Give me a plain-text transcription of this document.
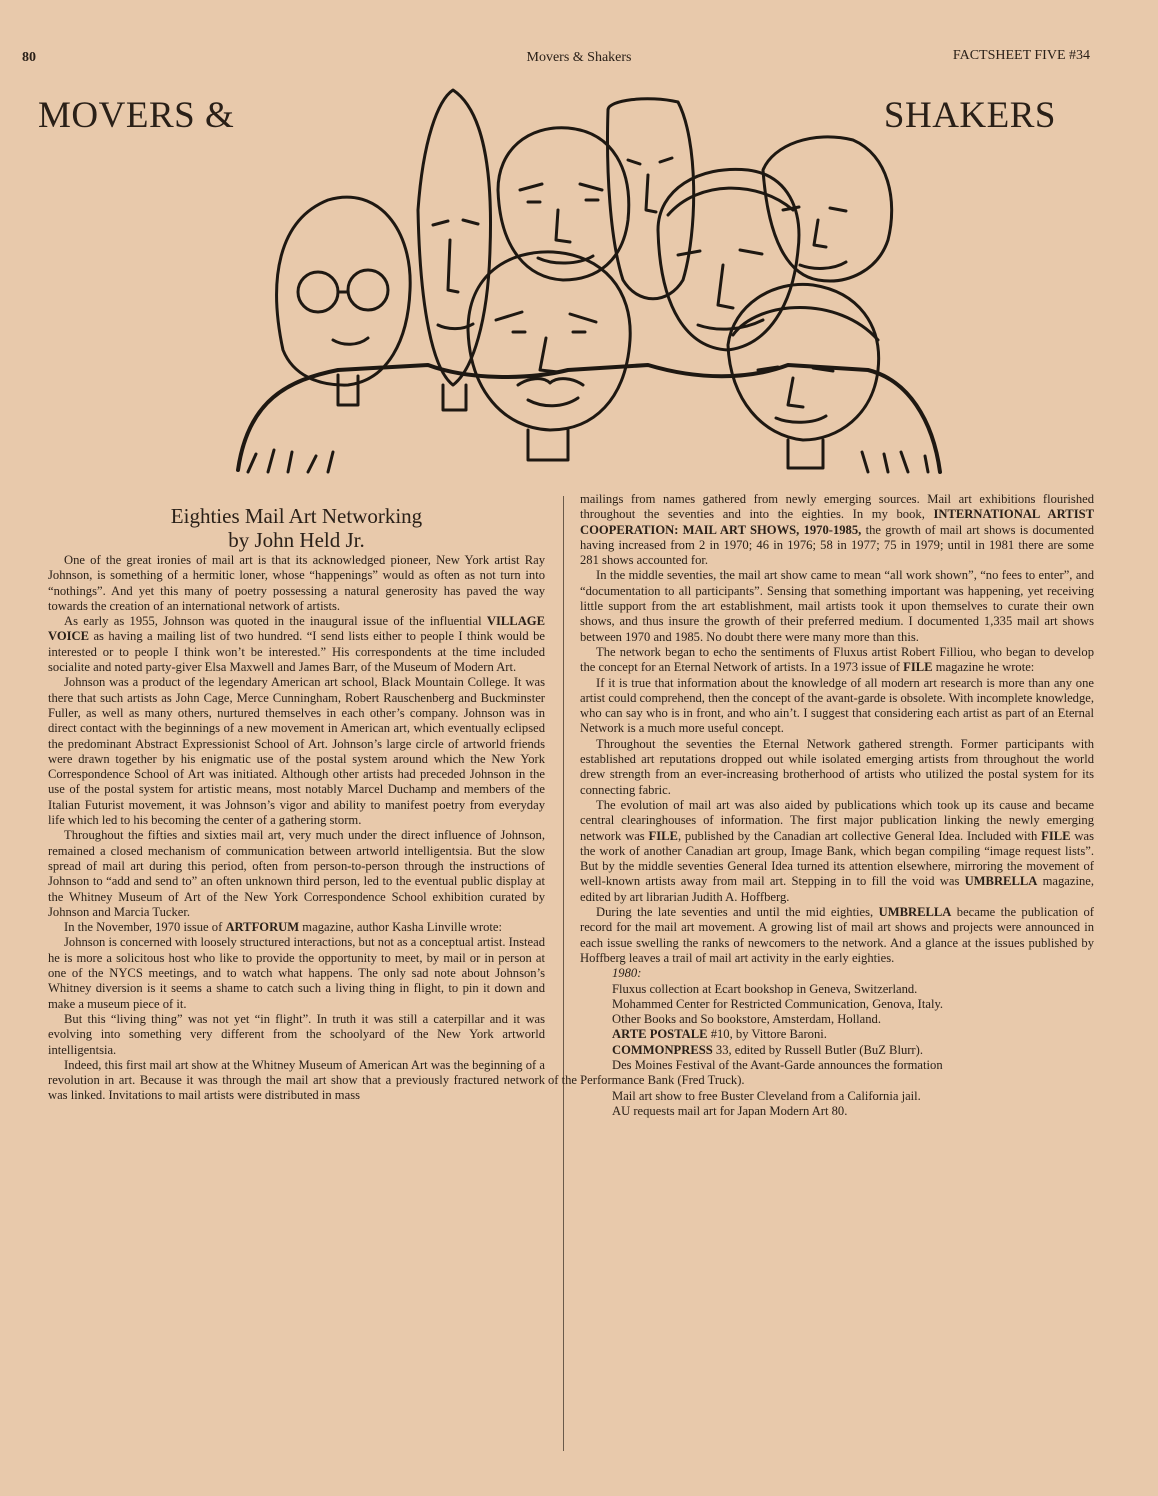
80	Movers & Shakers	FACTSHEET FIVE #34
MOVERS &	SHAKERS
Eighties Mail Art Networking
by John Held Jr.

One of the great ironies of mail art is that its acknowledged pioneer, New York artist Ray Johnson, is something of a hermitic loner, whose “happenings” would as often as not turn into “nothings”. And yet this many of poetry possessing a natural generosity has paved the way towards the creation of an international network of artists.

As early as 1955, Johnson was quoted in the inaugural issue of the influential VILLAGE VOICE as having a mailing list of two hundred. “I send lists either to people I think would be interested or to people I think won’t be interested.” His correspondents at the time included socialite and noted party-giver Elsa Maxwell and James Barr, of the Museum of Modern Art.

Johnson was a product of the legendary American art school, Black Mountain College. It was there that such artists as John Cage, Merce Cunningham, Robert Rauschenberg and Buckminster Fuller, as well as many others, nurtured themselves in each other’s company. Johnson was in direct contact with the beginnings of a new movement in American art, which eventually eclipsed the predominant Abstract Expressionist School of Art. Johnson’s large circle of artworld friends were drawn together by his enigmatic use of the postal system around which the New York Correspondence School of Art was initiated. Although other artists had preceded Johnson in the use of the postal system for artistic means, most notably Marcel Duchamp and members of the Italian Futurist movement, it was Johnson’s vigor and ability to manifest poetry from everyday life which led to his becoming the center of a gathering storm.

Throughout the fifties and sixties mail art, very much under the direct influence of Johnson, remained a closed mechanism of communication between artworld intelligentsia. But the slow spread of mail art during this period, often from person-to-person through the instructions of Johnson to “add and send to” an often unknown third person, led to the eventual public display at the Whitney Museum of Art of the New York Correspondence School exhibition curated by Johnson and Marcia Tucker.

In the November, 1970 issue of ARTFORUM magazine, author Kasha Linville wrote:

Johnson is concerned with loosely structured interactions, but not as a conceptual artist. Instead he is more a solicitous host who like to provide the opportunity to meet, by mail or in person at one of the NYCS meetings, and to watch what happens. The only sad note about Johnson’s Whitney diversion is it seems a shame to catch such a living thing in flight, to pin it down and make a museum piece of it.

But this “living thing” was not yet “in flight”. In truth it was still a caterpillar and it was evolving into something very different from the schoolyard of the New York artworld intelligentsia.

Indeed, this first mail art show at the Whitney Museum of American Art was the beginning of a revolution in art. Because it was through the mail art show that a previously fractured network was linked. Invitations to mail artists were distributed in mass

mailings from names gathered from newly emerging sources. Mail art exhibitions flourished throughout the seventies and into the eighties. In my book, INTERNATIONAL ARTIST COOPERATION: MAIL ART SHOWS, 1970-1985, the growth of mail art shows is documented having increased from 2 in 1970; 46 in 1976; 58 in 1977; 75 in 1979; until in 1981 there are some 281 shows accounted for.

In the middle seventies, the mail art show came to mean “all work shown”, “no fees to enter”, and “documentation to all participants”. Sensing that something important was happening, yet receiving little support from the art establishment, mail artists took it upon themselves to curate their own shows, and thus insure the growth of their preferred medium. I documented 1,335 mail art shows between 1970 and 1985. No doubt there were many more than this.

The network began to echo the sentiments of Fluxus artist Robert Filliou, who began to develop the concept for an Eternal Network of artists. In a 1973 issue of FILE magazine he wrote:

If it is true that information about the knowledge of all modern art research is more than any one artist could comprehend, then the concept of the avant-garde is obsolete. With incomplete knowledge, who can say who is in front, and who ain’t. I suggest that considering each artist as part of an Eternal Network is a much more useful concept.

Throughout the seventies the Eternal Network gathered strength. Former participants with established art reputations dropped out while isolated emerging artists from throughout the world drew strength from an ever-increasing brotherhood of artists who utilized the postal system for its connecting fabric.

The evolution of mail art was also aided by publications which took up its cause and became central clearinghouses of information. The first major publication linking the newly emerging network was FILE, published by the Canadian art collective General Idea. Included with FILE was the work of another Canadian art group, Image Bank, which began compiling “image request lists”. But by the middle seventies General Idea turned its attention elsewhere, mirroring the movement of well-known artists away from mail art. Stepping in to fill the void was UMBRELLA magazine, edited by art librarian Judith A. Hoffberg.

During the late seventies and until the mid eighties, UMBRELLA became the publication of record for the mail art movement. A growing list of mail art shows and projects were announced in each issue swelling the ranks of newcomers to the network. And a glance at the issues published by Hoffberg leaves a trail of mail art activity in the early eighties.

1980:
Fluxus collection at Ecart bookshop in Geneva, Switzerland.
Mohammed Center for Restricted Communication, Genova, Italy.
Other Books and So bookstore, Amsterdam, Holland.
ARTE POSTALE #10, by Vittore Baroni.
COMMONPRESS 33, edited by Russell Butler (BuZ Blurr).
Des Moines Festival of the Avant-Garde announces the formation
of the Performance Bank (Fred Truck).
Mail art show to free Buster Cleveland from a California jail.
AU requests mail art for Japan Modern Art 80.
